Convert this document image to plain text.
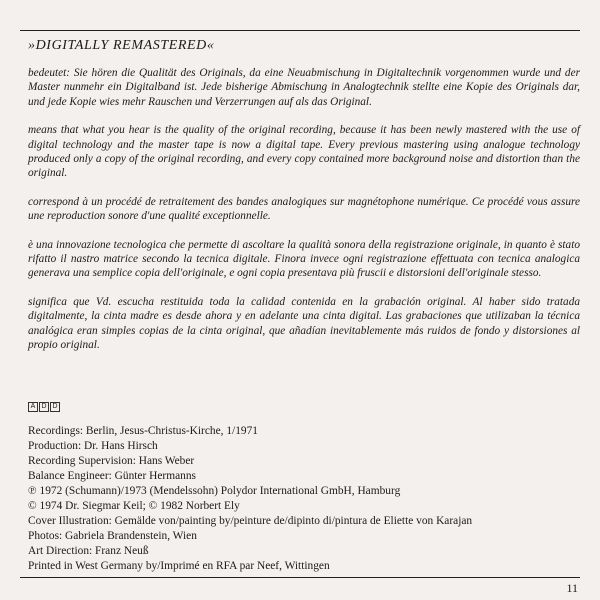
»DIGITALLY REMASTERED«

bedeutet: Sie hören die Qualität des Originals, da eine Neuabmischung in Digitaltechnik vorgenommen wurde und der Master nunmehr ein Digitalband ist. Jede bisherige Abmischung in Analogtechnik stellte eine Kopie des Originals dar, und jede Kopie wies mehr Rauschen und Verzerrungen auf als das Original.

means that what you hear is the quality of the original recording, because it has been newly mastered with the use of digital technology and the master tape is now a digital tape. Every previous mastering using analogue technology produced only a copy of the original recording, and every copy contained more background noise and distortion than the original.

correspond à un procédé de retraitement des bandes analogiques sur magnétophone numérique. Ce procédé vous assure une reproduction sonore d'une qualité exceptionnelle.

è una innovazione tecnologica che permette di ascoltare la qualità sonora della registrazione originale, in quanto è stato rifatto il nastro matrice secondo la tecnica digitale. Finora invece ogni registrazione effettuata con tecnica analogica generava una semplice copia dell'originale, e ogni copia presentava più fruscii e distorsioni dell'originale stesso.

significa que Vd. escucha restituida toda la calidad contenida en la grabación original. Al haber sido tratada digitalmente, la cinta madre es desde ahora y en adelante una cinta digital. Las grabaciones que utilizaban la técnica analógica eran simples copias de la cinta original, que añadían inevitablemente más ruidos de fondo y distorsiones al propio original.

A D D
Recordings: Berlin, Jesus-Christus-Kirche, 1/1971
Production: Dr. Hans Hirsch
Recording Supervision: Hans Weber
Balance Engineer: Günter Hermanns
℗ 1972 (Schumann)/1973 (Mendelssohn) Polydor International GmbH, Hamburg
© 1974 Dr. Siegmar Keil; © 1982 Norbert Ely
Cover Illustration: Gemälde von/painting by/peinture de/dipinto di/pintura de Eliette von Karajan
Photos: Gabriela Brandenstein, Wien
Art Direction: Franz Neuß
Printed in West Germany by/Imprimé en RFA par Neef, Wittingen
11
